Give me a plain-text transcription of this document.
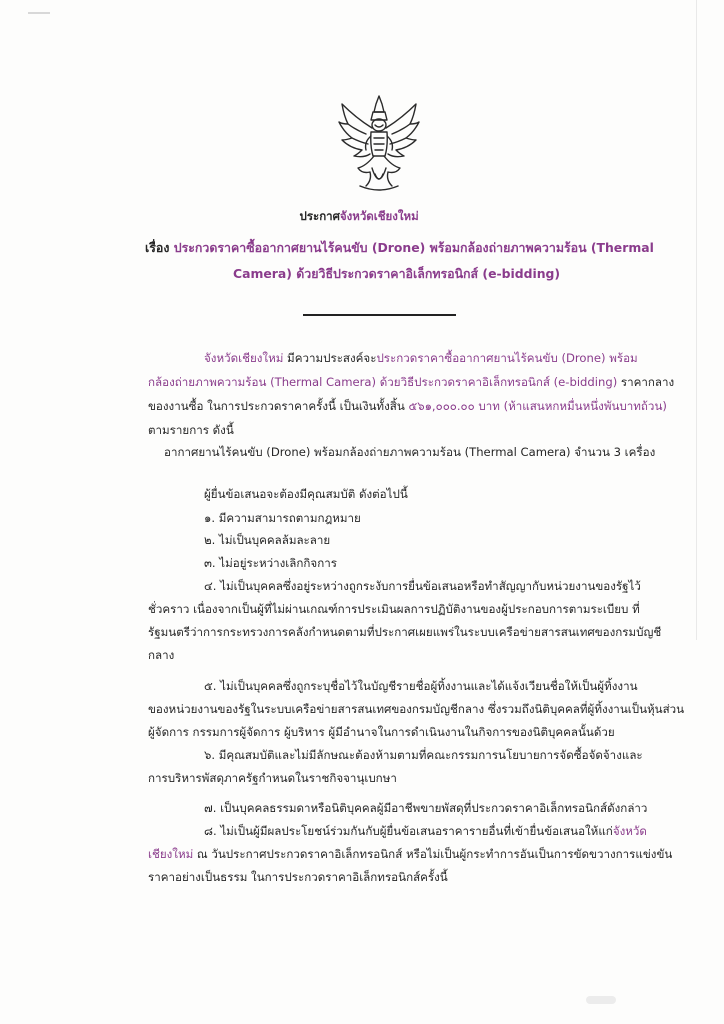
ประกาศจังหวัดเชียงใหม่
เรื่อง ประกวดราคาซื้ออากาศยานไร้คนขับ (Drone) พร้อมกล้องถ่ายภาพความร้อน (Thermal
Camera) ด้วยวิธีประกวดราคาอิเล็กทรอนิกส์ (e-bidding)
จังหวัดเชียงใหม่ มีความประสงค์จะประกวดราคาซื้ออากาศยานไร้คนขับ (Drone) พร้อม
กล้องถ่ายภาพความร้อน (Thermal Camera) ด้วยวิธีประกวดราคาอิเล็กทรอนิกส์ (e-bidding) ราคากลาง
ของงานซื้อ ในการประกวดราคาครั้งนี้ เป็นเงินทั้งสิ้น ๕๖๑,๐๐๐.๐๐ บาท (ห้าแสนหกหมื่นหนึ่งพันบาทถ้วน)
ตามรายการ ดังนี้
อากาศยานไร้คนขับ (Drone) พร้อมกล้องถ่ายภาพความร้อน (Thermal Camera) จำนวน 3 เครื่อง
ผู้ยื่นข้อเสนอจะต้องมีคุณสมบัติ ดังต่อไปนี้
๑. มีความสามารถตามกฎหมาย
๒. ไม่เป็นบุคคลล้มละลาย
๓. ไม่อยู่ระหว่างเลิกกิจการ
๔. ไม่เป็นบุคคลซึ่งอยู่ระหว่างถูกระงับการยื่นข้อเสนอหรือทำสัญญากับหน่วยงานของรัฐไว้
ชั่วคราว เนื่องจากเป็นผู้ที่ไม่ผ่านเกณฑ์การประเมินผลการปฏิบัติงานของผู้ประกอบการตามระเบียบ ที่
รัฐมนตรีว่าการกระทรวงการคลังกำหนดตามที่ประกาศเผยแพร่ในระบบเครือข่ายสารสนเทศของกรมบัญชี
กลาง
๕. ไม่เป็นบุคคลซึ่งถูกระบุชื่อไว้ในบัญชีรายชื่อผู้ทิ้งงานและได้แจ้งเวียนชื่อให้เป็นผู้ทิ้งงาน
ของหน่วยงานของรัฐในระบบเครือข่ายสารสนเทศของกรมบัญชีกลาง ซึ่งรวมถึงนิติบุคคลที่ผู้ทิ้งงานเป็นหุ้นส่วน
ผู้จัดการ กรรมการผู้จัดการ ผู้บริหาร ผู้มีอำนาจในการดำเนินงานในกิจการของนิติบุคคลนั้นด้วย
๖. มีคุณสมบัติและไม่มีลักษณะต้องห้ามตามที่คณะกรรมการนโยบายการจัดซื้อจัดจ้างและ
การบริหารพัสดุภาครัฐกำหนดในราชกิจจานุเบกษา
๗. เป็นบุคคลธรรมดาหรือนิติบุคคลผู้มีอาชีพขายพัสดุที่ประกวดราคาอิเล็กทรอนิกส์ดังกล่าว
๘. ไม่เป็นผู้มีผลประโยชน์ร่วมกันกับผู้ยื่นข้อเสนอราคารายอื่นที่เข้ายื่นข้อเสนอให้แก่จังหวัด
เชียงใหม่ ณ วันประกาศประกวดราคาอิเล็กทรอนิกส์ หรือไม่เป็นผู้กระทำการอันเป็นการขัดขวางการแข่งขัน
ราคาอย่างเป็นธรรม ในการประกวดราคาอิเล็กทรอนิกส์ครั้งนี้
